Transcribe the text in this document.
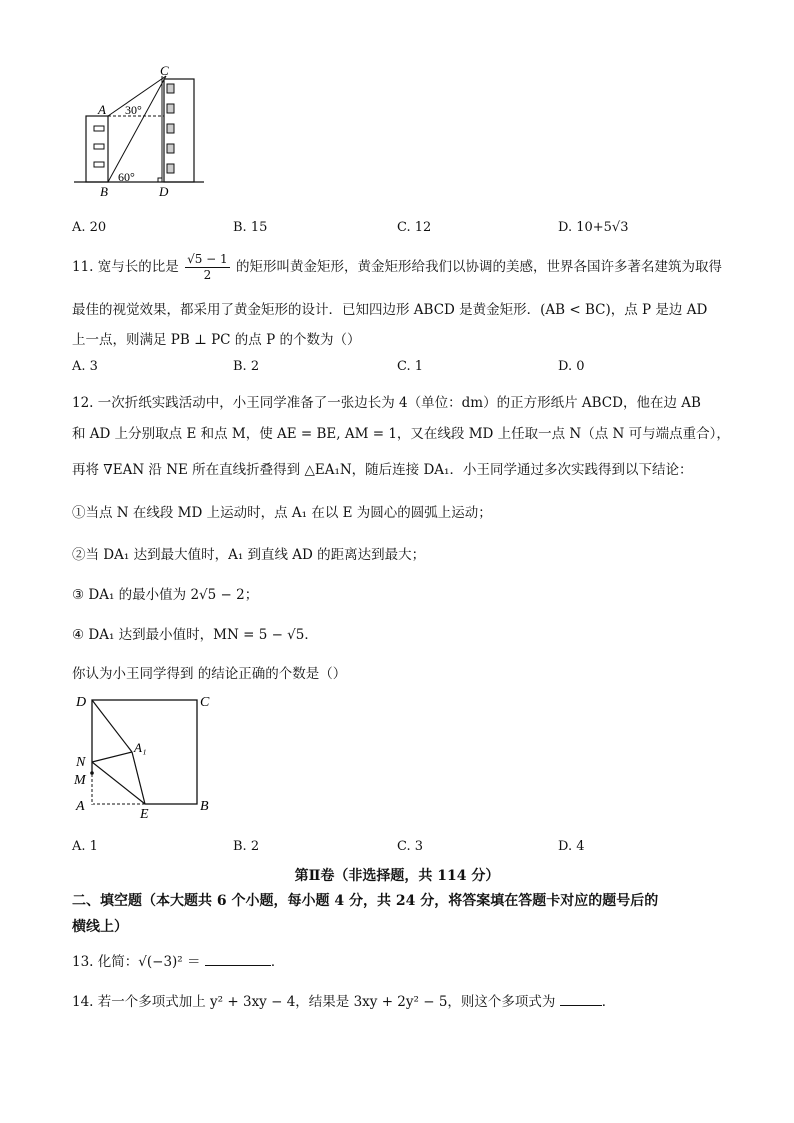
C
A
B	D
30°
60°
A. 20	B. 15	C. 12	D. 10+5√3
11. 宽与长的比是 $\frac{√5 - 1}{2}$ 的矩形叫黄金矩形，黄金矩形给我们以协调的美感，世界各国许多著名建筑为取得
最佳的视觉效果，都采用了黄金矩形的设计．已知四边形 ABCD 是黄金矩形．(AB < BC)，点 P 是边 AD
上一点，则满足 PB ⊥ PC 的点 P 的个数为（）
A. 3	B. 2	C. 1	D. 0
12. 一次折纸实践活动中，小王同学准备了一张边长为 4（单位：dm）的正方形纸片 ABCD，他在边 AB
和 AD 上分别取点 E 和点 M，使 AE = BE, AM = 1，又在线段 MD 上任取一点 N（点 N 可与端点重合），
再将 ∇EAN 沿 NE 所在直线折叠得到 △EA₁N，随后连接 DA₁．小王同学通过多次实践得到以下结论：
①当点 N 在线段 MD 上运动时，点 A₁ 在以 E 为圆心的圆弧上运动；
②当 DA₁ 达到最大值时，A₁ 到直线 AD 的距离达到最大；
③ DA₁ 的最小值为 2√5 − 2；
④ DA₁ 达到最小值时，MN = 5 − √5．
你认为小王同学得到 的结论正确的个数是（）
D	C
N
A₁
M
A
E
B
A. 1	B. 2	C. 3	D. 4
第Ⅱ卷（非选择题，共 114 分）
二、填空题（本大题共 6 个小题，每小题 4 分，共 24 分，将答案填在答题卡对应的题号后的
横线上）
13. 化简：√(−3)² ＝	．
14. 若一个多项式加上 y² + 3xy − 4，结果是 3xy + 2y² − 5，则这个多项式为	．
